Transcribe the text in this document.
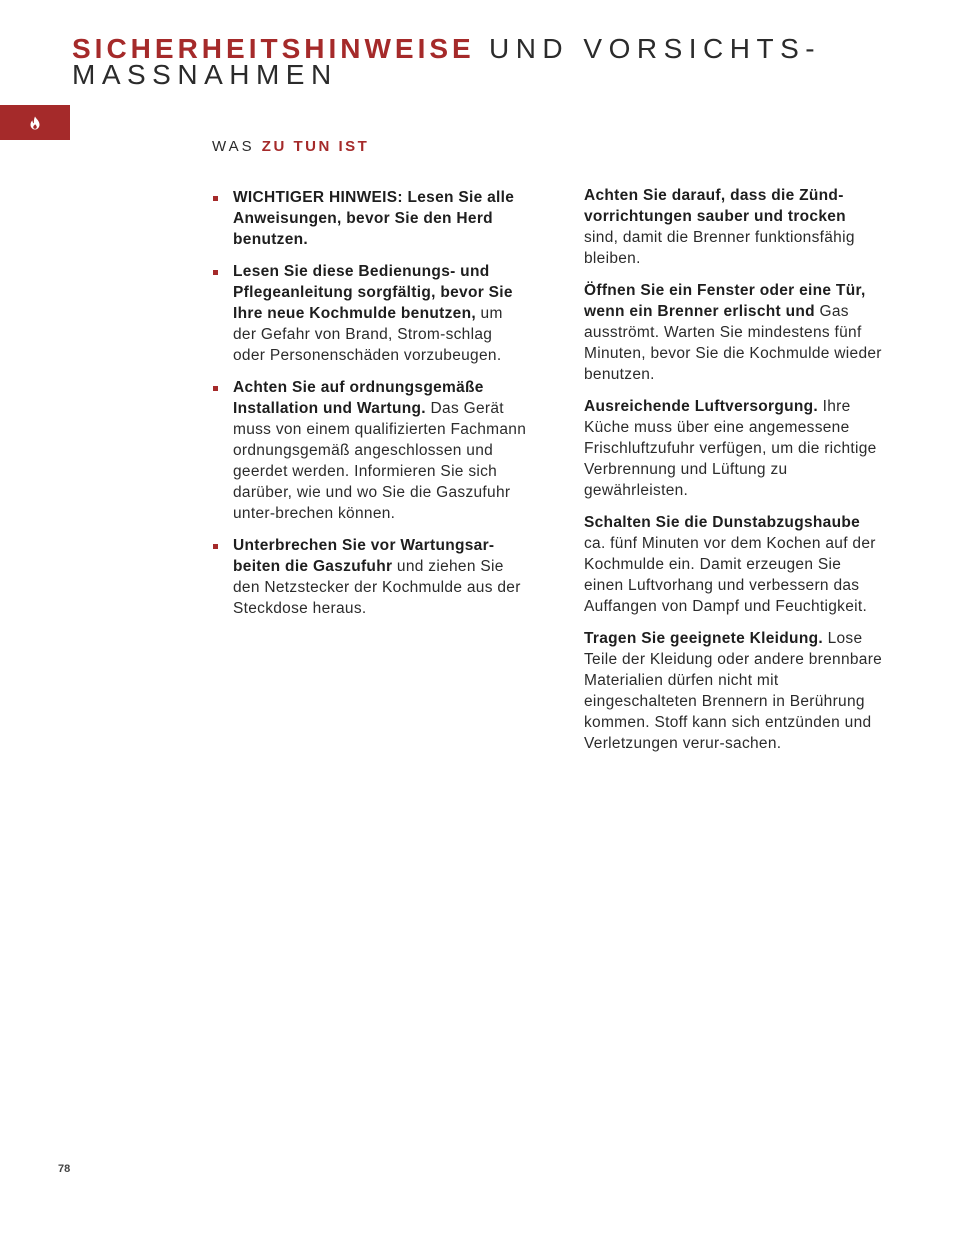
SICHERHEITSHINWEISE UND VORSICHTS-
MASSNAHMEN
WAS ZU TUN IST
WICHTIGER HINWEIS: Lesen Sie alle Anweisungen, bevor Sie den Herd benutzen.
Lesen Sie diese Bedienungs- und Pflegeanleitung sorgfältig, bevor Sie Ihre neue Kochmulde benutzen, um der Gefahr von Brand, Strom-schlag oder Personenschäden vorzubeugen.
Achten Sie auf ordnungsgemäße Installation und Wartung. Das Gerät muss von einem qualifizierten Fachmann ordnungsgemäß angeschlossen und geerdet werden. Informieren Sie sich darüber, wie und wo Sie die Gaszufuhr unter-brechen können.
Unterbrechen Sie vor Wartungsar-beiten die Gaszufuhr und ziehen Sie den Netzstecker der Kochmulde aus der Steckdose heraus.

Achten Sie darauf, dass die Zünd-vorrichtungen sauber und trocken sind, damit die Brenner funktionsfähig bleiben.

Öffnen Sie ein Fenster oder eine Tür, wenn ein Brenner erlischt und Gas ausströmt. Warten Sie mindestens fünf Minuten, bevor Sie die Kochmulde wieder benutzen.

Ausreichende Luftversorgung. Ihre Küche muss über eine angemessene Frischluftzufuhr verfügen, um die richtige Verbrennung und Lüftung zu gewährleisten.

Schalten Sie die Dunstabzugshaube ca. fünf Minuten vor dem Kochen auf der Kochmulde ein. Damit erzeugen Sie einen Luftvorhang und verbessern das Auffangen von Dampf und Feuchtigkeit.

Tragen Sie geeignete Kleidung. Lose Teile der Kleidung oder andere brennbare Materialien dürfen nicht mit eingeschalteten Brennern in Berührung kommen. Stoff kann sich entzünden und Verletzungen verur-sachen.

78
